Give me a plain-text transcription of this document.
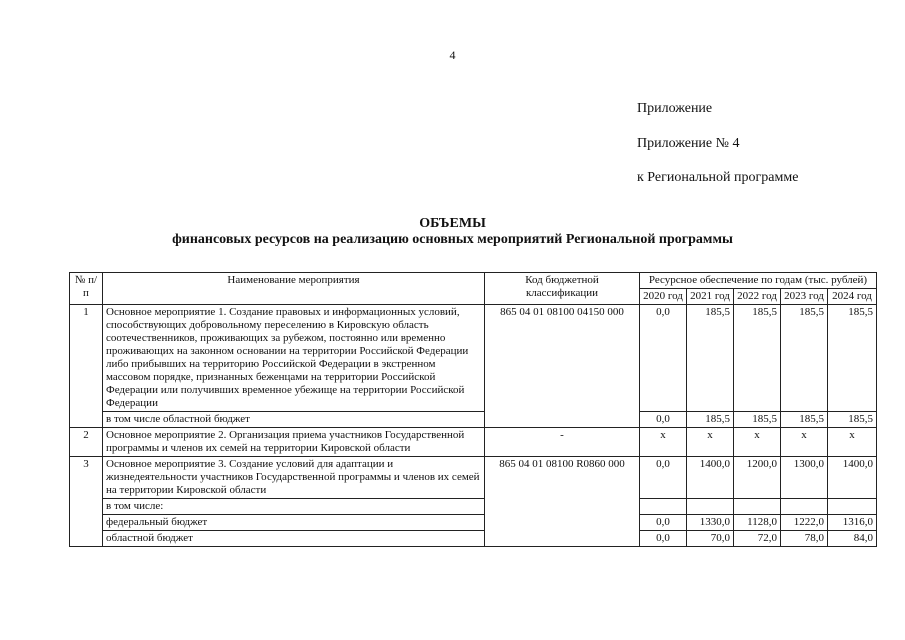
4
Приложение
Приложение № 4
к Региональной программе
ОБЪЕМЫ
финансовых ресурсов на реализацию основных мероприятий Региональной программы
№ п/п	Наименование мероприятия	Код бюджетной классификации	Ресурсное обеспечение по годам (тыс. рублей)				
			2020 год	2021 год	2022 год	2023 год	2024 год
1	Основное мероприятие 1. Создание правовых и информационных условий, способствующих добровольному переселению в Кировскую область соотечественников, проживающих за рубежом, постоянно или временно проживающих на законном основании на территории Российской Федерации либо прибывших на территорию Российской Федерации в экстренном массовом порядке, признанных беженцами на территории Российской Федерации или получивших временное убежище на территории Российской Федерации	865 04 01 08100 04150 000	0,0	185,5	185,5	185,5	185,5
	в том числе областной бюджет		0,0	185,5	185,5	185,5	185,5
2	Основное мероприятие 2. Организация приема участников Государственной программы и членов их семей на территории Кировской области	-	x	x	x	x	x
3	Основное мероприятие 3. Создание условий для адаптации и жизнедеятельности участников Государственной программы и членов их семей на территории Кировской области	865 04 01 08100 R0860 000	0,0	1400,0	1200,0	1300,0	1400,0
	в том числе:						
	федеральный бюджет		0,0	1330,0	1128,0	1222,0	1316,0
	областной бюджет		0,0	70,0	72,0	78,0	84,0
